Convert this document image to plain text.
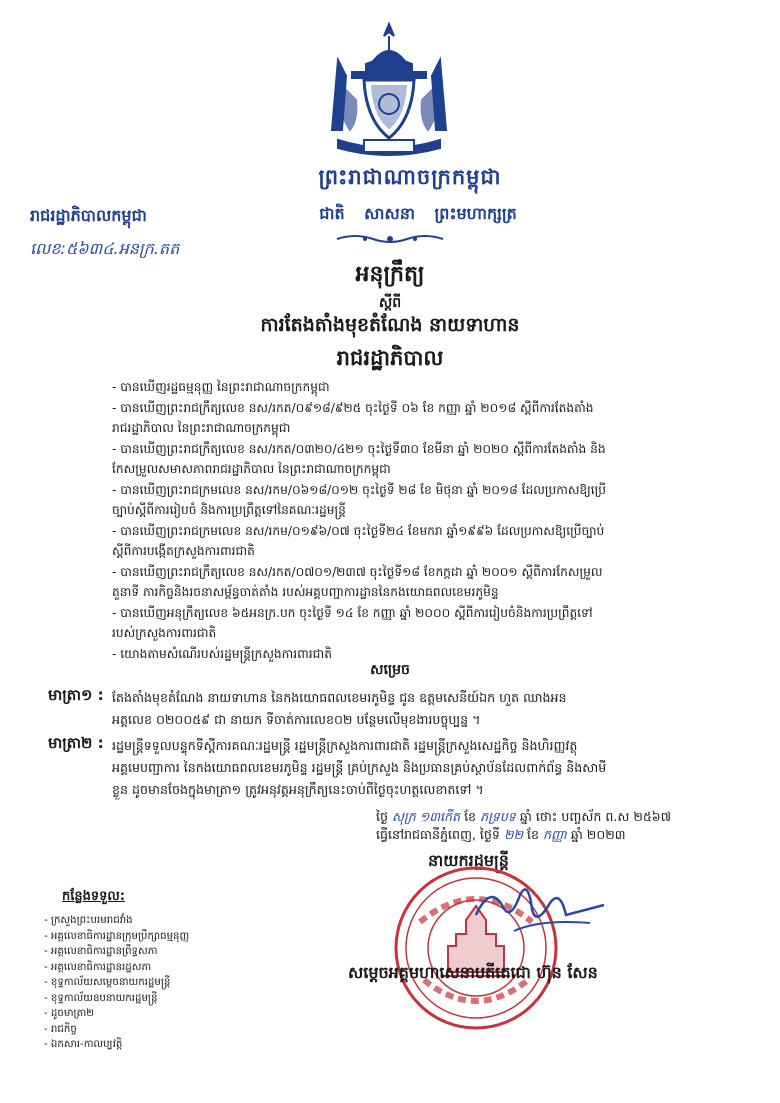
ព្រះរាជាណាចក្រកម្ពុជា
ជាតិ សាសនា ព្រះមហាក្សត្រ
រាជរដ្ឋាភិបាលកម្ពុជា
លេខ:៥៦៣៤.អនក្រ.តត
អនុក្រឹត្យ
ស្តីពី
ការតែងតាំងមុខតំណែង នាយទាហាន
រាជរដ្ឋាភិបាល
- បានឃើញរដ្ឋធម្មនុញ្ញ នៃព្រះរាជាណាចក្រកម្ពុជា
- បានឃើញព្រះរាជក្រឹត្យលេខ នស/រកត/០៩១៨/៩២៥ ចុះថ្ងៃទី ០៦ ខែ កញ្ញា ឆ្នាំ ២០១៨ ស្តីពីការតែងតាំង
រាជរដ្ឋាភិបាល នៃព្រះរាជាណាចក្រកម្ពុជា
- បានឃើញព្រះរាជក្រឹត្យលេខ នស/រកត/០៣២០/៤២១ ចុះថ្ងៃទី៣០ ខែមីនា ឆ្នាំ ២០២០ ស្តីពីការតែងតាំង និង
កែសម្រួលសមាសភាពរាជរដ្ឋាភិបាល នៃព្រះរាជាណាចក្រកម្ពុជា
- បានឃើញព្រះរាជក្រមលេខ នស/រកម/០៦១៨/០១២ ចុះថ្ងៃទី ២៨ ខែ មិថុនា ឆ្នាំ ២០១៨ ដែលប្រកាសឱ្យប្រើ
ច្បាប់ស្តីពីការរៀបចំ និងការប្រព្រឹត្តទៅនៃគណៈរដ្ឋមន្ត្រី
- បានឃើញព្រះរាជក្រមលេខ នស/រកម/០១៩៦/០៧ ចុះថ្ងៃទី២៤ ខែមករា ឆ្នាំ១៩៩៦ ដែលប្រកាសឱ្យប្រើច្បាប់
ស្តីពីការបង្កើតក្រសួងការពារជាតិ
- បានឃើញព្រះរាជក្រឹត្យលេខ នស/រកត/០៧០១/២៣៧ ចុះថ្ងៃទី១៨ ខែកក្កដា ឆ្នាំ ២០០១ ស្តីពីការកែសម្រួល
តួនាទី ភារកិច្ចនិងរចនាសម្ព័ន្ធចាត់តាំង របស់អគ្គបញ្ជាការដ្ឋាននៃកងយោធពលខេមរភូមិន្ទ
- បានឃើញអនុក្រឹត្យលេខ ៦៥អនក្រ.បក ចុះថ្ងៃទី ១៤ ខែ កញ្ញា ឆ្នាំ ២០០០ ស្តីពីការរៀបចំនិងការប្រព្រឹត្តទៅ
របស់ក្រសួងការពារជាតិ
- យោងតាមសំណើរបស់រដ្ឋមន្ត្រីក្រសួងការពារជាតិ
សម្រេច
មាត្រា១ : តែងតាំងមុខតំណែង នាយទាហាន នៃកងយោធពលខេមរភូមិន្ទ ជូន ឧត្តមសេនីយ៍ឯក ហួត ឈាងអន
អត្តលេខ ០២០០៥៩ ជា នាយក ទីចាត់ការលេខ០២ បន្ថែមលើមុខងារបច្ចុប្បន្ន ។
មាត្រា២ : រដ្ឋមន្ត្រីទទួលបន្ទុកទីស្តីការគណៈរដ្ឋមន្ត្រី រដ្ឋមន្ត្រីក្រសួងការពារជាតិ រដ្ឋមន្ត្រីក្រសួងសេដ្ឋកិច្ច និងហិរញ្ញវត្ថុ
អគ្គមេបញ្ជាការ នៃកងយោធពលខេមរភូមិន្ទ រដ្ឋមន្ត្រី គ្រប់ក្រសួង និងប្រធានគ្រប់ស្ថាប័នដែលពាក់ព័ន្ធ និងសាមី
ខ្លួន ដូចមានចែងក្នុងមាត្រា១ ត្រូវអនុវត្តអនុក្រឹត្យនេះចាប់ពីថ្ងៃចុះហត្ថលេខាតទៅ ។
ថ្ងៃ សុក្រ ១៣កើត ខែ ភទ្របទ ឆ្នាំ ថោះ បញ្ចស័ក ព.ស ២៥៦៧
ធ្វើនៅរាជធានីភ្នំពេញ, ថ្ងៃទី ២២ ខែ កញ្ញា ឆ្នាំ ២០២៣
នាយករដ្ឋមន្ត្រី
កន្លែងទទួល:
- ក្រសួងព្រះបរមរាជវាំង
- អគ្គលេខាធិការដ្ឋានក្រុមប្រឹក្សាធម្មនុញ្ញ
- អគ្គលេខាធិការដ្ឋានព្រឹទ្ធសភា
- អគ្គលេខាធិការដ្ឋានរដ្ឋសភា
- ខុទ្ទកាល័យសម្តេចនាយករដ្ឋមន្ត្រី
- ខុទ្ទកាល័យឧបនាយករដ្ឋមន្ត្រី
- ដូចមាត្រា២
- រាជកិច្ច
- ឯកសារ-កាលប្បវត្តិ
សម្តេចអគ្គមហាសេនាបតីតេជោ ហ៊ុន សែន
